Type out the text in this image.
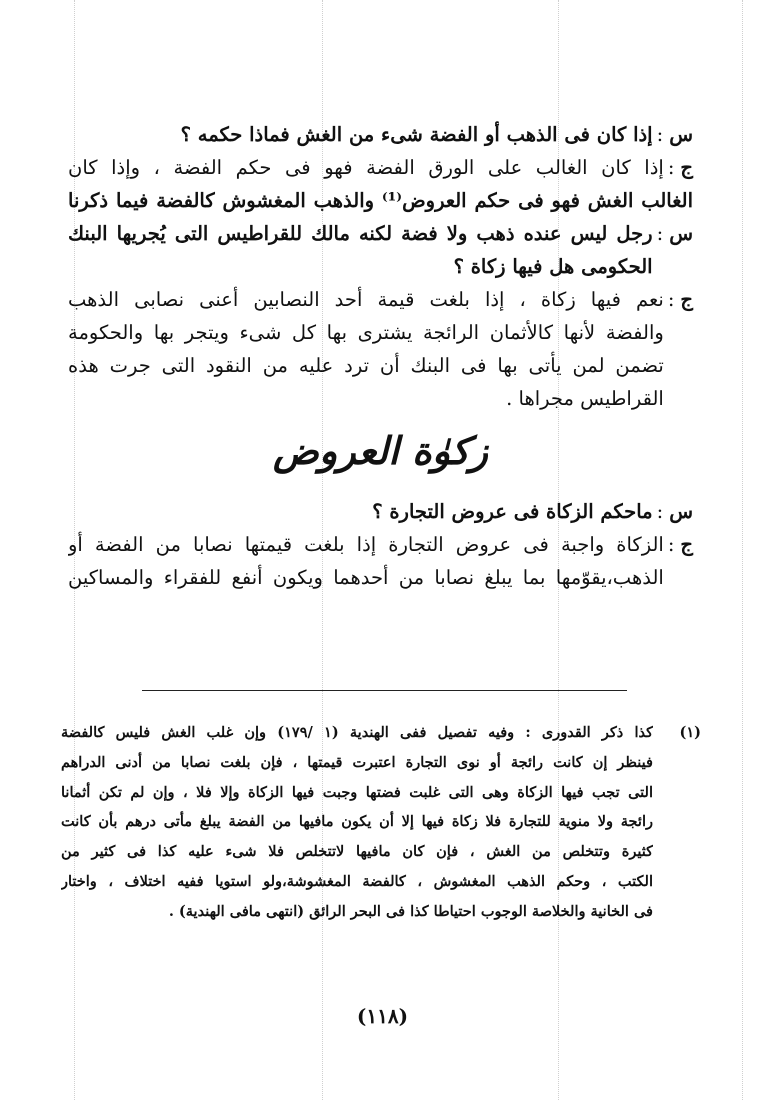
س:
إذا كان فى الذهب أو الفضة شىء من الغش فماذا حكمه ؟
ج:
إذا كان الغالب على الورق الفضة فهو فى حكم الفضة ، وإذا كان
الغالب الغش فهو فى حكم العروض⁽¹⁾ والذهب المغشوش كالفضة فيما ذكرنا
س:
رجل ليس عنده ذهب ولا فضة لكنه مالك للقراطيس التى يُجريها البنك
الحكومى هل فيها زكاة ؟
ج:
نعم فيها زكاة ، إذا بلغت قيمة أحد النصابين أعنى نصابى الذهب
والفضة لأنها كالأثمان الرائجة يشترى بها كل شىء ويتجر بها والحكومة
تضمن لمن يأتى بها فى البنك أن ترد عليه من النقود التى جرت هذه
القراطيس مجراها .
زكوٰة العروض
س:
ماحكم الزكاة فى عروض التجارة ؟
ج:
الزكاة واجبة فى عروض التجارة إذا بلغت قيمتها نصابا من الفضة أو
الذهب،يقوّمها بما يبلغ نصابا من أحدهما ويكون أنفع للفقراء والمساكين
(١)
كذا ذكر القدورى : وفيه تفصيل ففى الهندية (١ /١٧٩) وإن غلب الغش فليس كالفضة
فينظر إن كانت رائجة أو نوى التجارة اعتبرت قيمتها ، فإن بلغت نصابا من أدنى الدراهم
التى تجب فيها الزكاة وهى التى غلبت فضتها وجبت فيها الزكاة وإلا فلا ، وإن لم تكن أثمانا
رائجة ولا منوية للتجارة فلا زكاة فيها إلا أن يكون مافيها من الفضة يبلغ مأتى درهم بأن كانت
كثيرة وتتخلص من الغش ، فإن كان مافيها لاتتخلص فلا شىء عليه كذا فى كثير من
الكتب ، وحكم الذهب المغشوش ، كالفضة المغشوشة،ولو استويا ففيه اختلاف ، واختار
فى الخانية والخلاصة الوجوب احتياطا كذا فى البحر الرائق (انتهى مافى الهندية) .
(١١٨)
